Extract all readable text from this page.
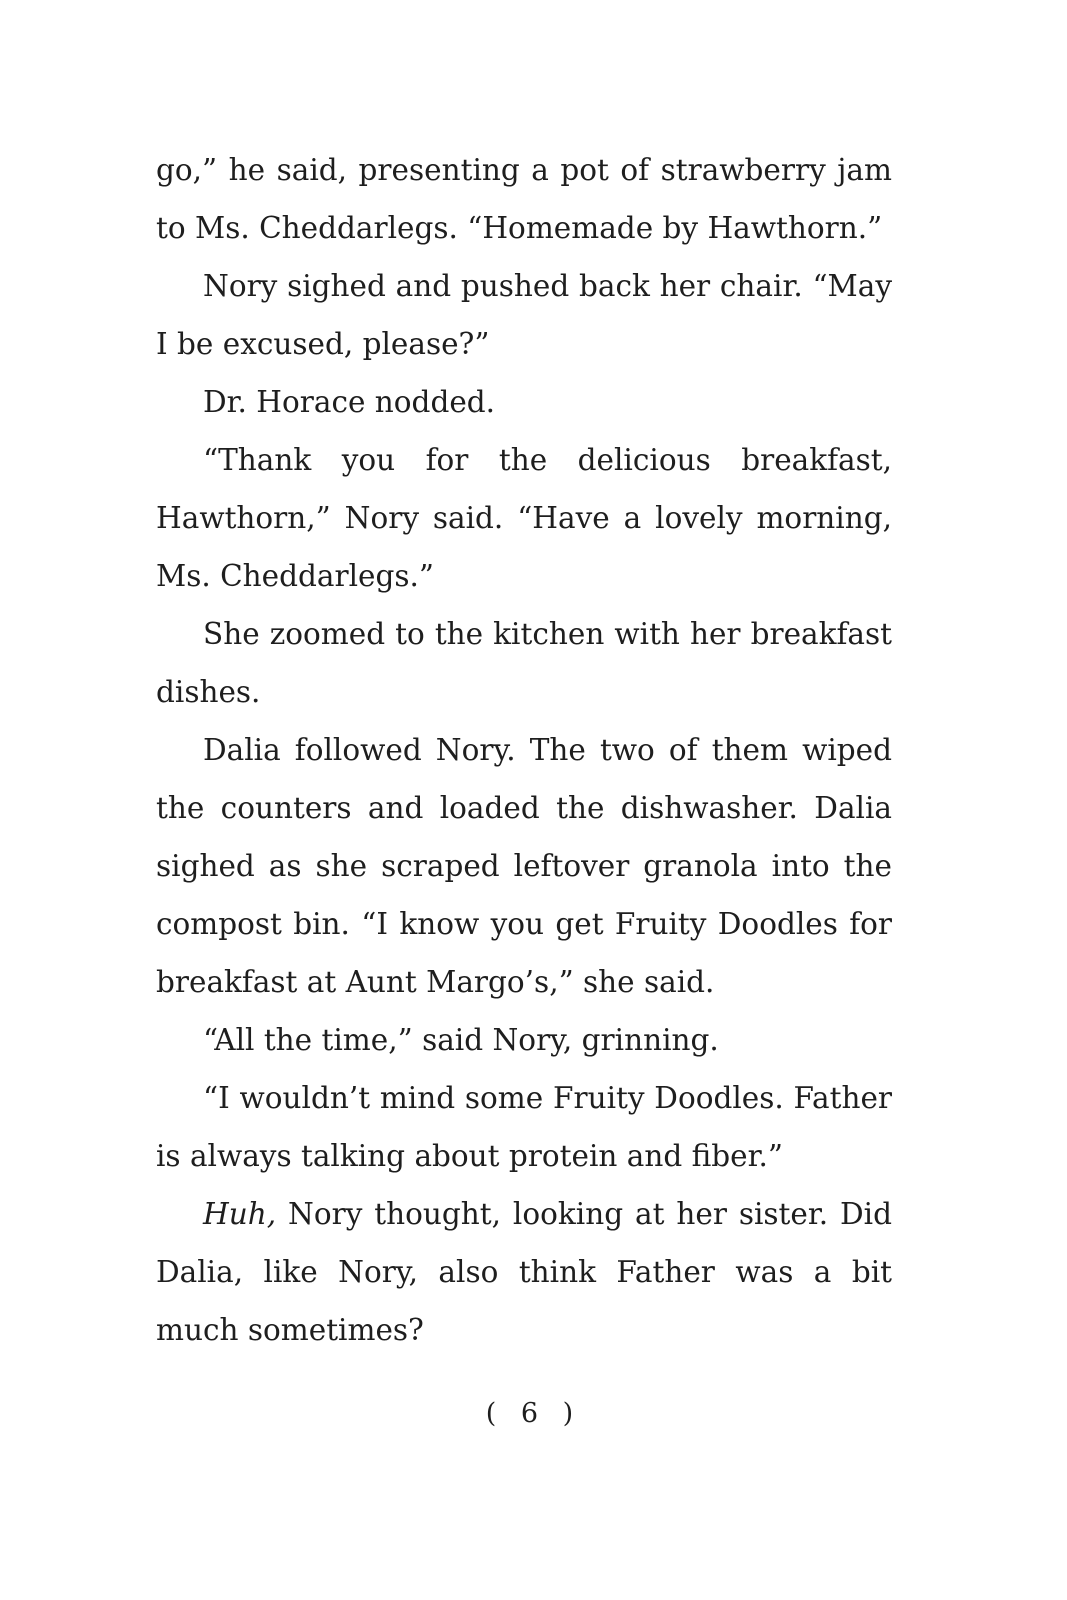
go,” he said, presenting a pot of strawberry jam to Ms. Cheddarlegs. “Homemade by Hawthorn.”

Nory sighed and pushed back her chair. “May I be excused, please?”

Dr. Horace nodded.

“Thank you for the delicious breakfast, Hawthorn,” Nory said. “Have a lovely morning, Ms. Cheddarlegs.”

She zoomed to the kitchen with her breakfast dishes.

Dalia followed Nory. The two of them wiped the counters and loaded the dishwasher. Dalia sighed as she scraped leftover granola into the compost bin. “I know you get Fruity Doodles for breakfast at Aunt Margo’s,” she said.

“All the time,” said Nory, grinning.

“I wouldn’t mind some Fruity Doodles. Father is always talking about protein and fiber.”

Huh, Nory thought, looking at her sister. Did Dalia, like Nory, also think Father was a bit much sometimes?

( 6 )
